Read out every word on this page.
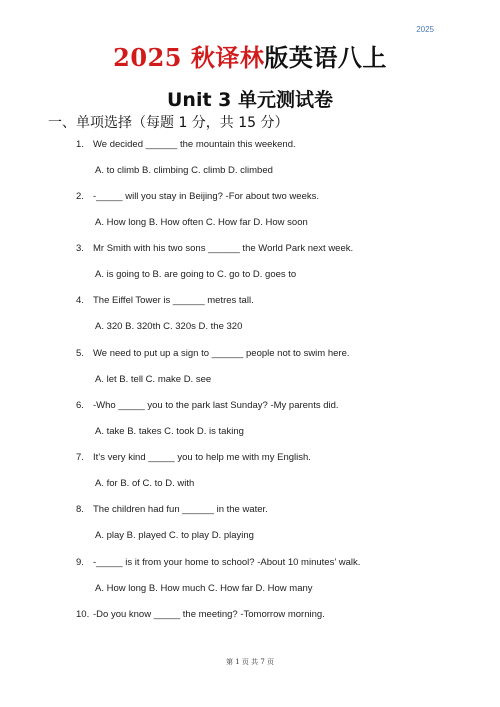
2025
2025 秋译林版英语八上
Unit 3 单元测试卷
一、单项选择（每题 1 分，共 15 分）
1. We decided ______ the mountain this weekend.
A. to climb B. climbing C. climb D. climbed
2. -_____ will you stay in Beijing? -For about two weeks.
A. How long B. How often C. How far D. How soon
3. Mr Smith with his two sons ______ the World Park next week.
A. is going to B. are going to C. go to D. goes to
4. The Eiffel Tower is ______ metres tall.
A. 320 B. 320th C. 320s D. the 320
5. We need to put up a sign to ______ people not to swim here.
A. let B. tell C. make D. see
6. -Who _____ you to the park last Sunday? -My parents did.
A. take B. takes C. took D. is taking
7. It’s very kind _____ you to help me with my English.
A. for B. of C. to D. with
8. The children had fun ______ in the water.
A. play B. played C. to play D. playing
9. -_____ is it from your home to school? -About 10 minutes’ walk.
A. How long B. How much C. How far D. How many
10. -Do you know _____ the meeting? -Tomorrow morning.
第 1 页 共 7 页
